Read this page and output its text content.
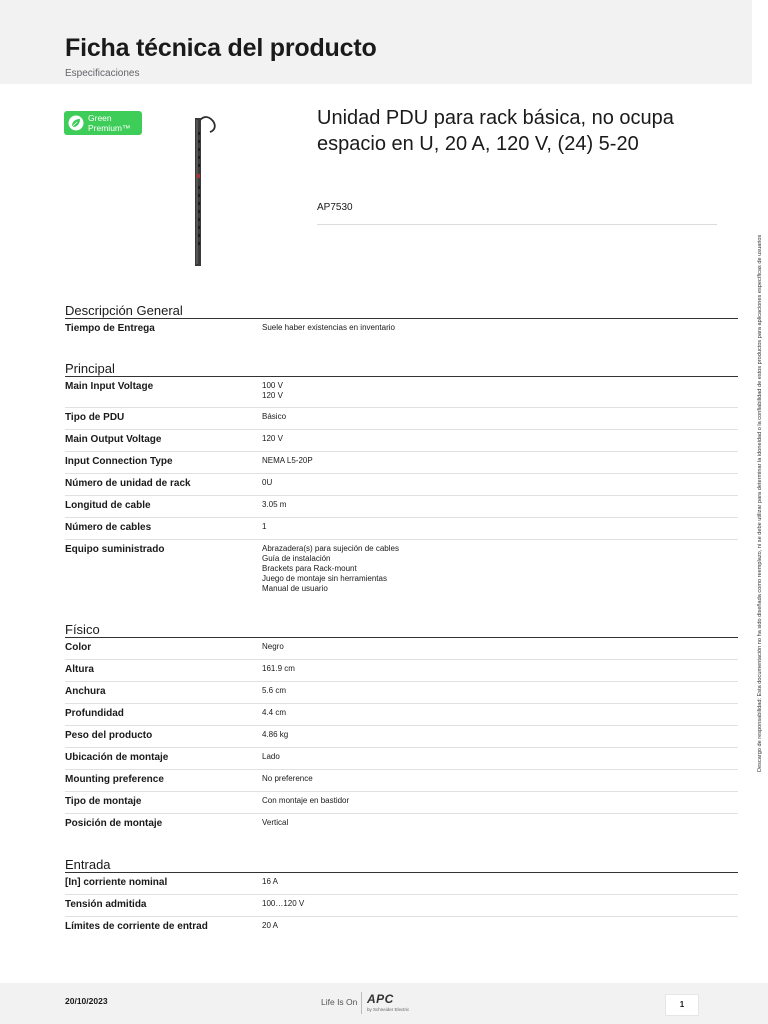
Ficha técnica del producto
Especificaciones
Green
Premium™	Unidad PDU para rack básica, no ocupa espacio en U, 20 A, 120 V, (24) 5-20
AP7530
Descargo de responsabilidad: Esta documentación no ha sido diseñada como reemplazo, ni se debe utilizar para determinar la idoneidad o la confiabilidad de estos productos para aplicaciones específicas de usuarios
Descripción General
Tiempo de Entrega	Suele haber existencias en inventario
Principal
Main Input Voltage	100 V
120 V
Tipo de PDU	Básico
Main Output Voltage	120 V
Input Connection Type	NEMA L5-20P
Número de unidad de rack	0U
Longitud de cable	3.05 m
Número de cables	1
Equipo suministrado	Abrazadera(s) para sujeción de cables
Guía de instalación
Brackets para Rack-mount
Juego de montaje sin herramientas
Manual de usuario
Físico
Color	Negro
Altura	161.9 cm
Anchura	5.6 cm
Profundidad	4.4 cm
Peso del producto	4.86 kg
Ubicación de montaje	Lado
Mounting preference	No preference
Tipo de montaje	Con montaje en bastidor
Posición de montaje	Vertical
Entrada
[In] corriente nominal	16 A
Tensión admitida	100…120 V
Límites de corriente de entrad	20 A
20/10/2023	Life Is On APC
by Schneider Electric
1
